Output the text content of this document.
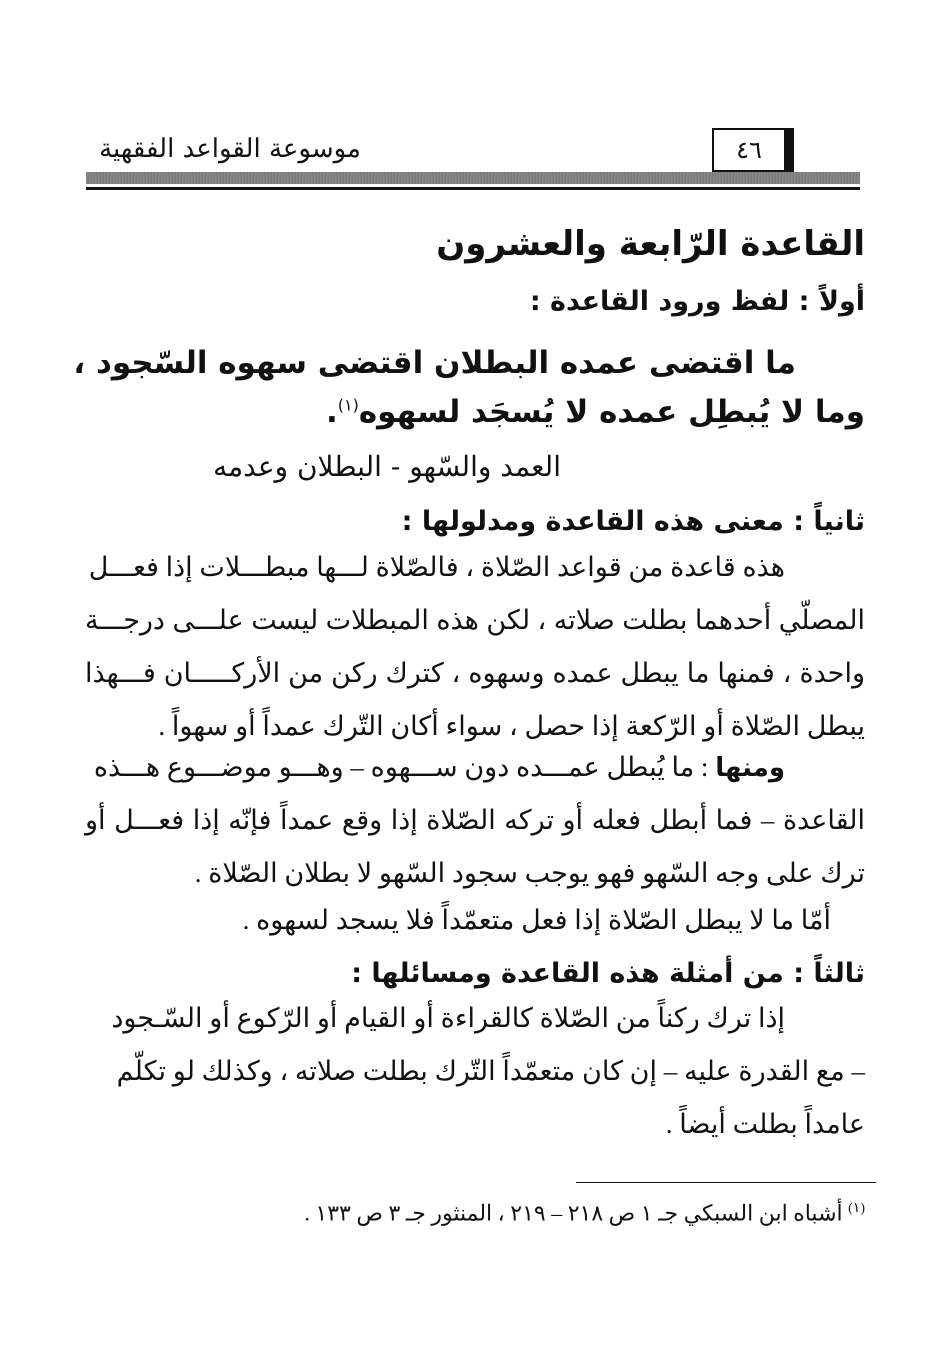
موسوعة القواعد الفقهية	٤٦
القاعدة الرّابعة والعشرون
أولاً : لفظ ورود القاعدة :
ما اقتضى عمده البطلان اقتضى سهوه السّجود ،
وما لا يُبطِل عمده لا يُسجَد لسهوه$^{(١)}$.
العمد والسّهو - البطلان وعدمه
ثانياً : معنى هذه القاعدة ومدلولها :
هذه قاعدة من قواعد الصّلاة ، فالصّلاة لـــها مبطـــلات إذا فعـــل
المصلّي أحدهما بطلت صلاته ، لكن هذه المبطلات ليست علـــى درجـــة
واحدة ، فمنها ما يبطل عمده وسهوه ، كترك ركن من الأركـــــان فـــهذا
يبطل الصّلاة أو الرّكعة إذا حصل ، سواء أكان التّرك عمداً أو سهواً .
ومنها : ما يُبطل عمـــده دون ســـهوه – وهـــو موضـــوع هـــذه
القاعدة – فما أبطل فعله أو تركه الصّلاة إذا وقع عمداً فإنّه إذا فعـــل أو
ترك على وجه السّهو فهو يوجب سجود السّهو لا بطلان الصّلاة .
أمّا ما لا يبطل الصّلاة إذا فعل متعمّداً فلا يسجد لسهوه .
ثالثاً : من أمثلة هذه القاعدة ومسائلها :
إذا ترك ركناً من الصّلاة كالقراءة أو القيام أو الرّكوع أو السّـجود
– مع القدرة عليه – إن كان متعمّداً التّرك بطلت صلاته ، وكذلك لو تكلّم
عامداً بطلت أيضاً .
$^{(١)}$ أشباه ابن السبكي جـ ١ ص ٢١٨ – ٢١٩ ، المنثور جـ ٣ ص ١٣٣ .
